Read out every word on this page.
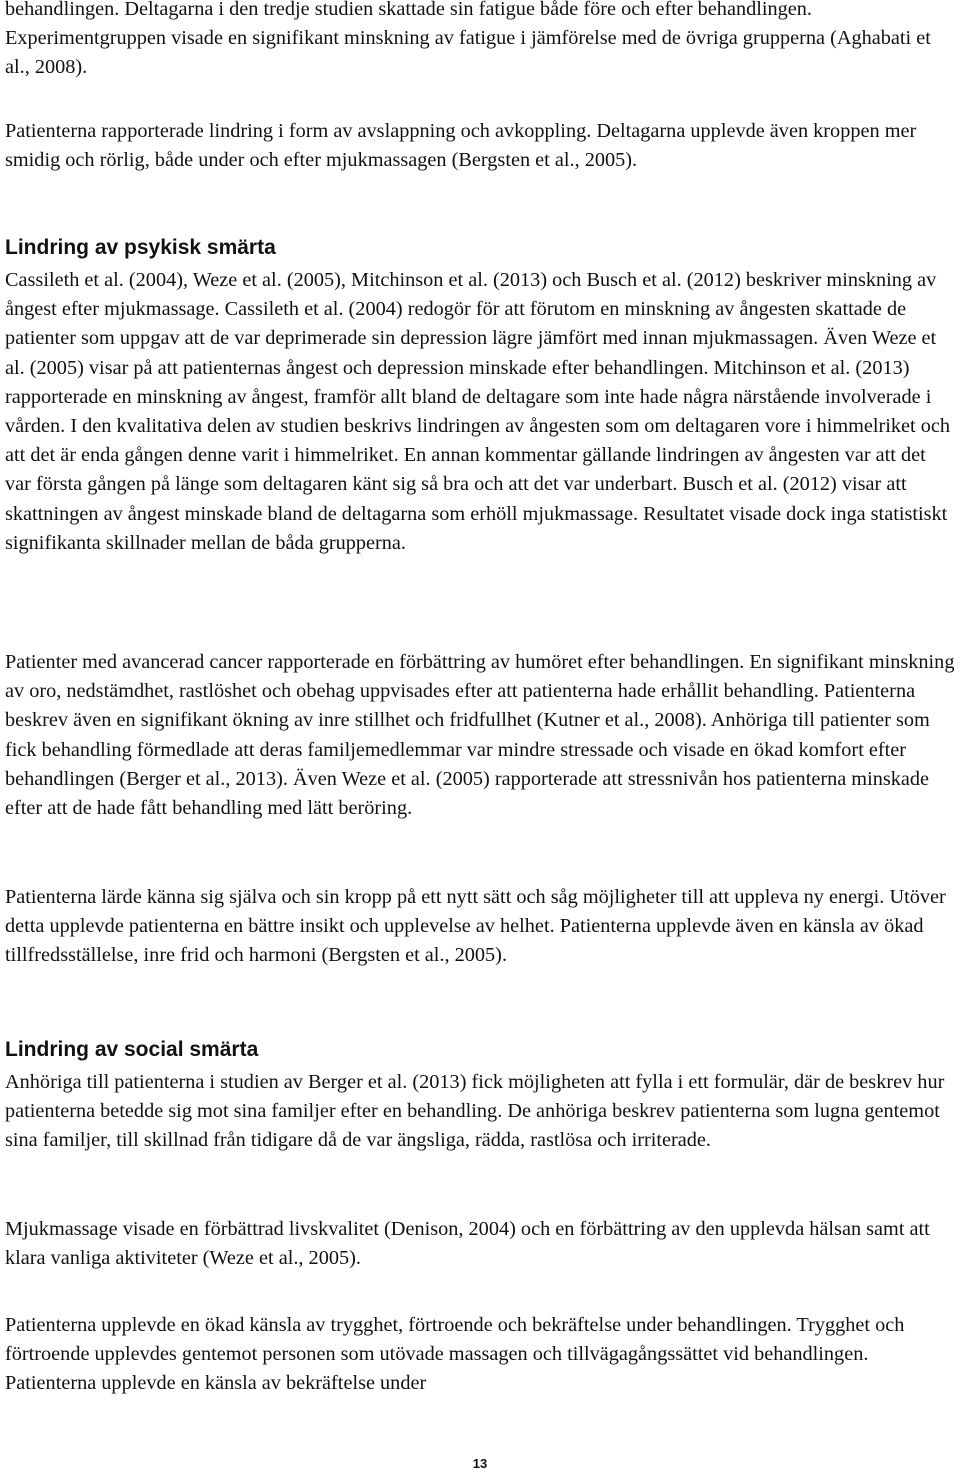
behandlingen. Deltagarna i den tredje studien skattade sin fatigue både före och efter behandlingen. Experimentgruppen visade en signifikant minskning av fatigue i jämförelse med de övriga grupperna (Aghabati et al., 2008).

Patienterna rapporterade lindring i form av avslappning och avkoppling. Deltagarna upplevde även kroppen mer smidig och rörlig, både under och efter mjukmassagen (Bergsten et al., 2005).

Lindring av psykisk smärta

Cassileth et al. (2004), Weze et al. (2005), Mitchinson et al. (2013) och Busch et al. (2012) beskriver minskning av ångest efter mjukmassage. Cassileth et al. (2004) redogör för att förutom en minskning av ångesten skattade de patienter som uppgav att de var deprimerade sin depression lägre jämfört med innan mjukmassagen. Även Weze et al. (2005) visar på att patienternas ångest och depression minskade efter behandlingen. Mitchinson et al. (2013) rapporterade en minskning av ångest, framför allt bland de deltagare som inte hade några närstående involverade i vården. I den kvalitativa delen av studien beskrivs lindringen av ångesten som om deltagaren vore i himmelriket och att det är enda gången denne varit i himmelriket. En annan kommentar gällande lindringen av ångesten var att det var första gången på länge som deltagaren känt sig så bra och att det var underbart. Busch et al. (2012) visar att skattningen av ångest minskade bland de deltagarna som erhöll mjukmassage. Resultatet visade dock inga statistiskt signifikanta skillnader mellan de båda grupperna.

Patienter med avancerad cancer rapporterade en förbättring av humöret efter behandlingen. En signifikant minskning av oro, nedstämdhet, rastlöshet och obehag uppvisades efter att patienterna hade erhållit behandling. Patienterna beskrev även en signifikant ökning av inre stillhet och fridfullhet (Kutner et al., 2008). Anhöriga till patienter som fick behandling förmedlade att deras familjemedlemmar var mindre stressade och visade en ökad komfort efter behandlingen (Berger et al., 2013). Även Weze et al. (2005) rapporterade att stressnivån hos patienterna minskade efter att de hade fått behandling med lätt beröring.

Patienterna lärde känna sig själva och sin kropp på ett nytt sätt och såg möjligheter till att uppleva ny energi. Utöver detta upplevde patienterna en bättre insikt och upplevelse av helhet. Patienterna upplevde även en känsla av ökad tillfredsställelse, inre frid och harmoni (Bergsten et al., 2005).

Lindring av social smärta

Anhöriga till patienterna i studien av Berger et al. (2013) fick möjligheten att fylla i ett formulär, där de beskrev hur patienterna betedde sig mot sina familjer efter en behandling. De anhöriga beskrev patienterna som lugna gentemot sina familjer, till skillnad från tidigare då de var ängsliga, rädda, rastlösa och irriterade.

Mjukmassage visade en förbättrad livskvalitet (Denison, 2004) och en förbättring av den upplevda hälsan samt att klara vanliga aktiviteter (Weze et al., 2005).

Patienterna upplevde en ökad känsla av trygghet, förtroende och bekräftelse under behandlingen. Trygghet och förtroende upplevdes gentemot personen som utövade massagen och tillvägagångssättet vid behandlingen. Patienterna upplevde en känsla av bekräftelse under

13
